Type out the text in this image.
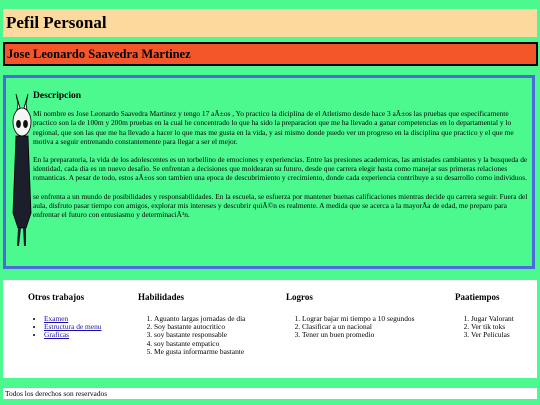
Pefil Personal
Jose Leonardo Saavedra Martinez
Descripcion

Mi nombre es Jose Leonardo Saavedra Martinez y tengo 17 aÃ±os , Yo practico la diciplina de el Atletismo desde hace 3 aÃ±os las pruebas que especificamente practico son la de 100m y 200m pruebas en la cual he concentrado lo que ha sido la preparacion que me ha llevado a ganar competencias en lo departamental y lo regional, que son las que me ha llevado a hacer lo que mas me gusta en la vida, y asi mismo donde puedo ver un progreso en la disciplina que practico y el que me motiva a seguir entrenando constantemente para llegar a ser el mejor.

En la preparatoria, la vida de los adolescentes es un torbellino de emociones y experiencias. Entre las presiones academicas, las amistades cambiantes y la busqueda de identidad, cada dia es un nuevo desafio. Se enfrentan a decisiones que moldearan su futuro, desde que carrera elegir hasta como manejar sus primeras relaciones romanticas. A pesar de todo, estos aÃ±os son tambien una epoca de descubrimiento y crecimiento, donde cada experiencia contribuye a su desarrollo como individuos.

se enfrenta a un mundo de posibilidades y responsabilidades. En la escuela, se esfuerza por mantener buenas calificaciones mientras decide qu carrera seguir. Fuera del aula, disfruto pasar tiempo con amigos, explorar mis intereses y descubrir quiÃ©n es realmente. A medida que se acerca a la mayorÃa de edad, me preparo para enfrentar el futuro con entusiasmo y determinaciÃ³n.

Otros trabajos
• Examen
• Estructura de menu
• Graficas
Habilidades
1. Aguanto largas jornadas de dia
2. Soy bastante autocritico
3. soy bastante responsable
4. soy bastante empatico
5. Me gusta informarme bastante
Logros
1. Lograr bajar mi tiempo a 10 segundos
2. Clasificar a un nacional
3. Tener un buen promedio
Paatiempos
1. Jugar Valorant
2. Ver tik toks
3. Ver Peliculas
Todos los derechos son reservados
